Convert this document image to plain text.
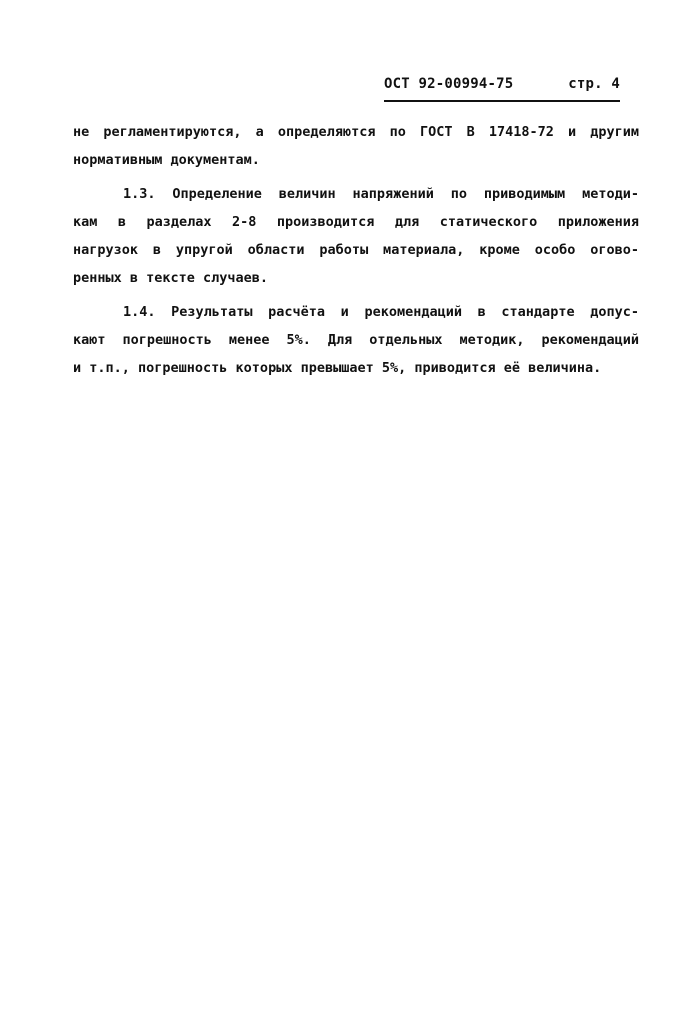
ОСТ 92-00994-75	стр. 4
не регламентируются, а определяются по ГОСТ В 17418-72 и другим
нормативным документам.
1.3. Определение величин напряжений по приводимым методи-
кам в разделах 2-8 производится для статического приложения
нагрузок в упругой области работы материала, кроме особо огово-
ренных в тексте случаев.
1.4. Результаты расчёта и рекомендаций в стандарте допус-
кают погрешность менее 5%. Для отдельных методик, рекомендаций
и т.п., погрешность которых превышает 5%, приводится её величина.
